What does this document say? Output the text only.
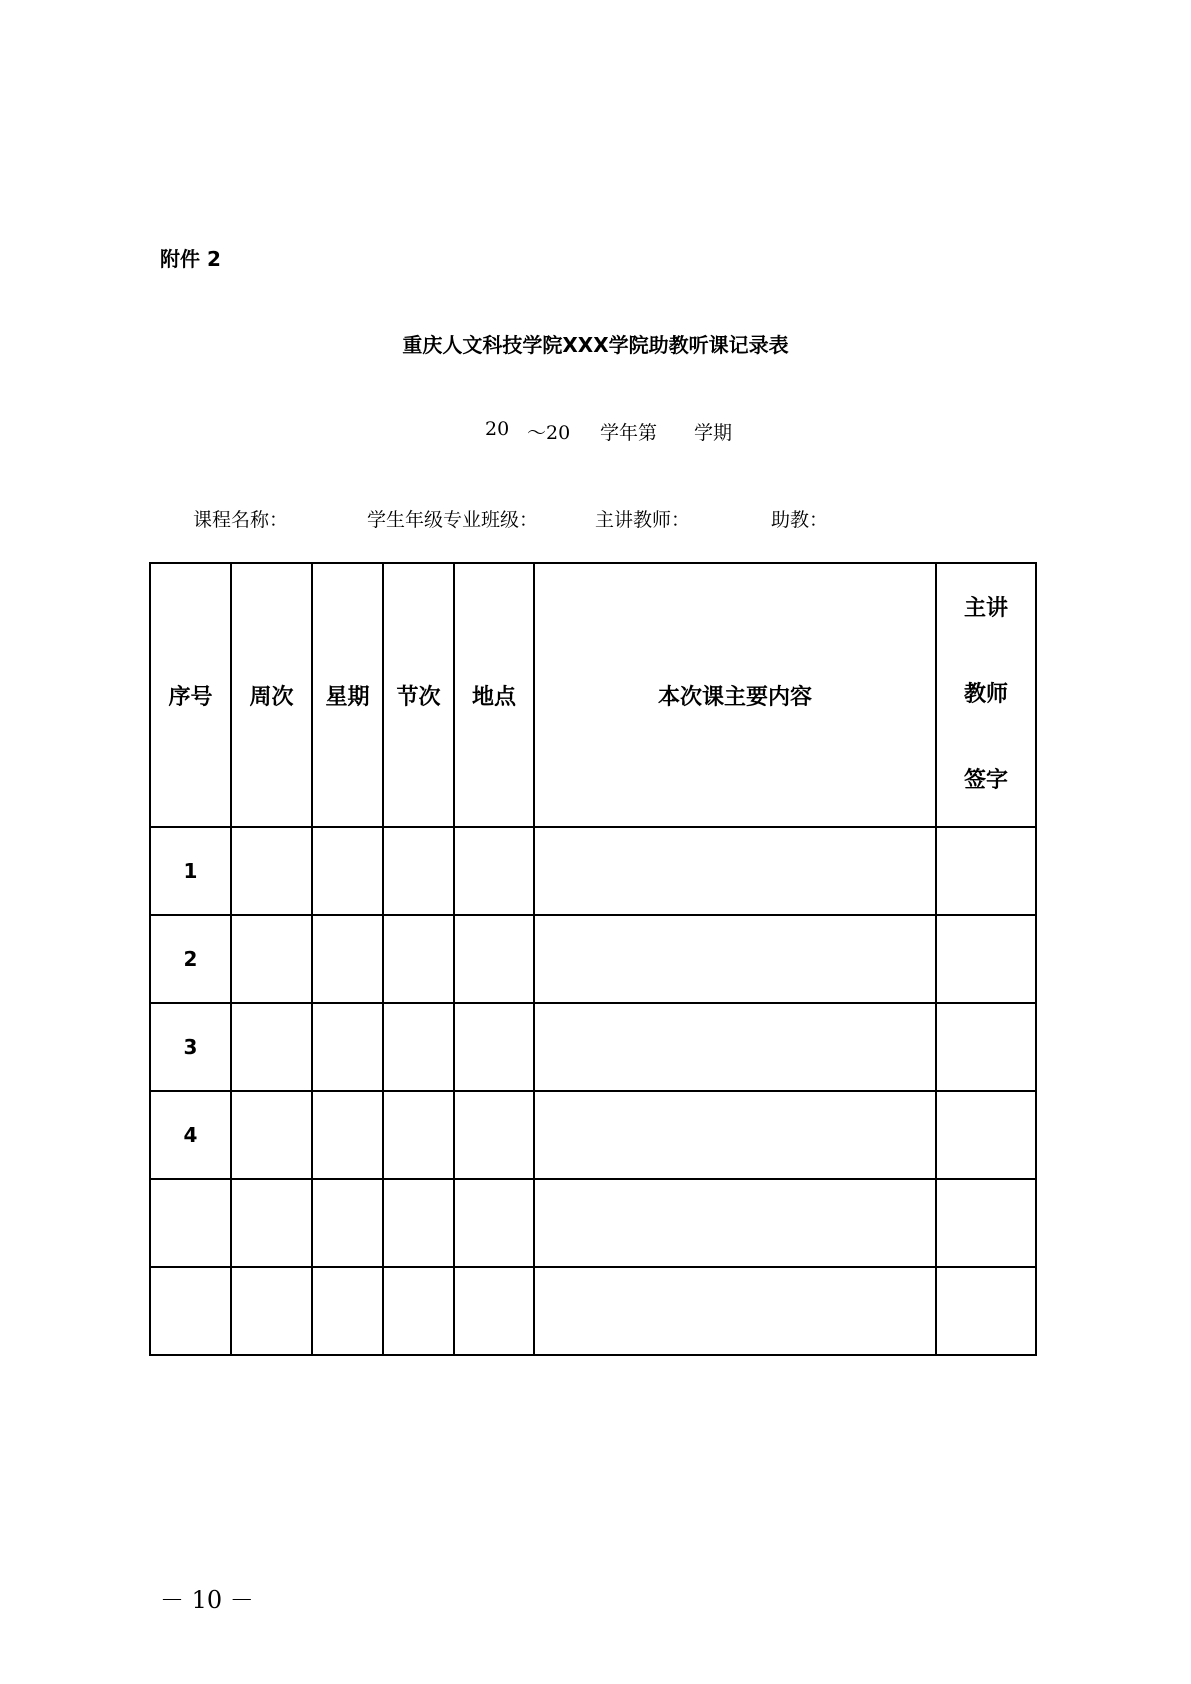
附件 2
重庆人文科技学院XXX学院助教听课记录表
20 ～20 学年第 学期
课程名称：	学生年级专业班级：	主讲教师：	助教：
序号	周次	星期	节次	地点	本次课主要内容	主讲
教师
签字

1						
2						
3						
4						

－ 10 －
